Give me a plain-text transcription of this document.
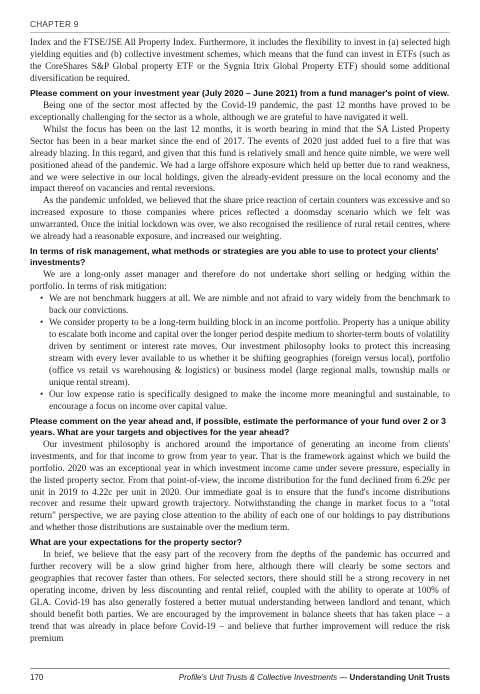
CHAPTER 9

Index and the FTSE/JSE All Property Index. Furthermore, it includes the flexibility to invest in (a) selected high yielding equities and (b) collective investment schemes, which means that the fund can invest in ETFs (such as the CoreShares S&P Global property ETF or the Sygnia Itrix Global Property ETF) should some additional diversification be required.

Please comment on your investment year (July 2020 – June 2021) from a fund manager's point of view.

Being one of the sector most affected by the Covid-19 pandemic, the past 12 months have proved to be exceptionally challenging for the sector as a whole, although we are grateful to have navigated it well.

Whilst the focus has been on the last 12 months, it is worth bearing in mind that the SA Listed Property Sector has been in a bear market since the end of 2017. The events of 2020 just added fuel to a fire that was already blazing. In this regard, and given that this fund is relatively small and hence quite nimble, we were well positioned ahead of the pandemic. We had a large offshore exposure which held up better due to rand weakness, and we were selective in our local holdings, given the already-evident pressure on the local economy and the impact thereof on vacancies and rental reversions.

As the pandemic unfolded, we believed that the share price reaction of certain counters was excessive and so increased exposure to those companies where prices reflected a doomsday scenario which we felt was unwarranted. Once the initial lockdown was over, we also recognised the resilience of rural retail centres, where we already had a reasonable exposure, and increased our weighting.

In terms of risk management, what methods or strategies are you able to use to protect your clients' investments?

We are a long-only asset manager and therefore do not undertake short selling or hedging within the portfolio. In terms of risk mitigation:

• We are not benchmark huggers at all. We are nimble and not afraid to vary widely from the benchmark to back our convictions.
• We consider property to be a long-term building block in an income portfolio. Property has a unique ability to escalate both income and capital over the longer period despite medium to shorter-term bouts of volatility driven by sentiment or interest rate moves. Our investment philosophy looks to protect this increasing stream with every lever available to us whether it be shifting geographies (foreign versus local), portfolio (office vs retail vs warehousing & logistics) or business model (large regional malls, township malls or unique rental stream).
• Our low expense ratio is specifically designed to make the income more meaningful and sustainable, to encourage a focus on income over capital value.
Please comment on the year ahead and, if possible, estimate the performance of your fund over 2 or 3 years. What are your targets and objectives for the year ahead?

Our investment philosophy is anchored around the importance of generating an income from clients' investments, and for that income to grow from year to year. That is the framework against which we build the portfolio. 2020 was an exceptional year in which investment income came under severe pressure, especially in the listed property sector. From that point-of-view, the income distribution for the fund declined from 6.29c per unit in 2019 to 4.22c per unit in 2020. Our immediate goal is to ensure that the fund's income distributions recover and resume their upward growth trajectory. Notwithstanding the change in market focus to a "total return" perspective, we are paying close attention to the ability of each one of our holdings to pay distributions and whether those distributions are sustainable over the medium term.

What are your expectations for the property sector?

In brief, we believe that the easy part of the recovery from the depths of the pandemic has occurred and further recovery will be a slow grind higher from here, although there will clearly be some sectors and geographies that recover faster than others. For selected sectors, there should still be a strong recovery in net operating income, driven by less discounting and rental relief, coupled with the ability to operate at 100% of GLA. Covid-19 has also generally fostered a better mutual understanding between landlord and tenant, which should benefit both parties. We are encouraged by the improvement in balance sheets that has taken place – a trend that was already in place before Covid-19 – and believe that further improvement will reduce the risk premium

170	Profile's Unit Trusts & Collective Investments — Understanding Unit Trusts
